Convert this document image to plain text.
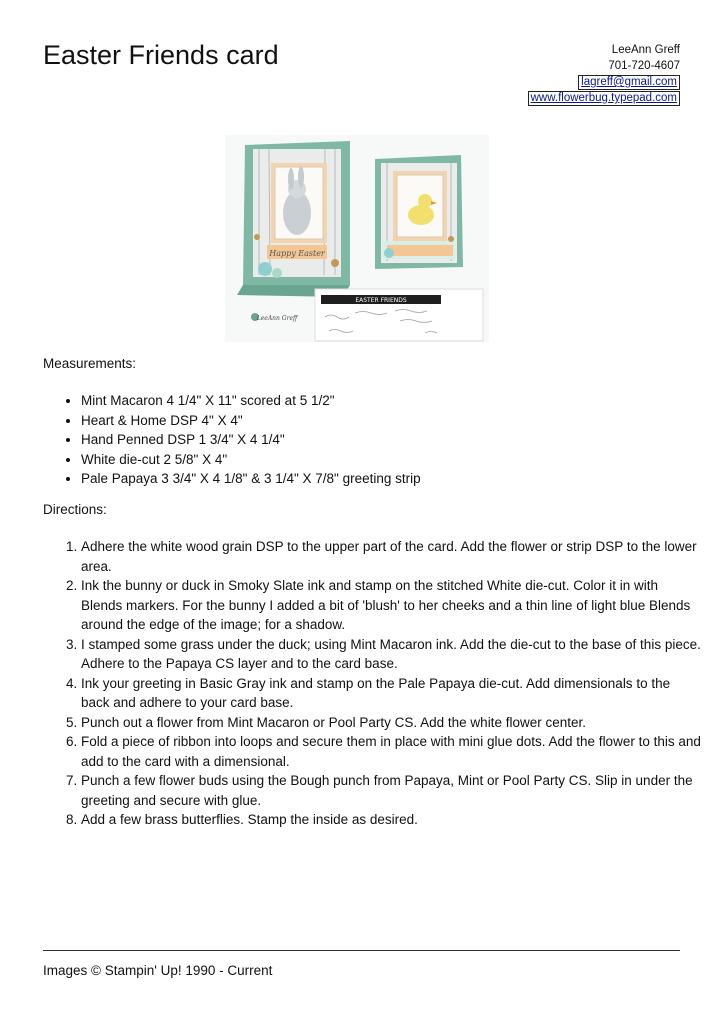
Easter Friends card	LeeAnn Greff
701-720-4607
lagreff@gmail.com
www.flowerbug.typepad.com
Happy Easter
EASTER FRIENDS
LeeAnn Greff
Measurements:
• Mint Macaron 4 1/4" X 11" scored at 5 1/2"
• Heart & Home DSP 4" X 4"
• Hand Penned DSP 1 3/4" X 4 1/4"
• White die-cut 2 5/8" X 4"
• Pale Papaya 3 3/4" X 4 1/8" & 3 1/4" X 7/8" greeting strip
Directions:
1. Adhere the white wood grain DSP to the upper part of the card. Add the flower or strip DSP to the lower area.
2. Ink the bunny or duck in Smoky Slate ink and stamp on the stitched White die-cut. Color it in with Blends markers. For the bunny I added a bit of 'blush' to her cheeks and a thin line of light blue Blends around the edge of the image; for a shadow.
3. I stamped some grass under the duck; using Mint Macaron ink. Add the die-cut to the base of this piece. Adhere to the Papaya CS layer and to the card base.
4. Ink your greeting in Basic Gray ink and stamp on the Pale Papaya die-cut. Add dimensionals to the back and adhere to your card base.
5. Punch out a flower from Mint Macaron or Pool Party CS. Add the white flower center.
6. Fold a piece of ribbon into loops and secure them in place with mini glue dots. Add the flower to this and add to the card with a dimensional.
7. Punch a few flower buds using the Bough punch from Papaya, Mint or Pool Party CS. Slip in under the greeting and secure with glue.
8. Add a few brass butterflies. Stamp the inside as desired.
Images © Stampin' Up! 1990 - Current
